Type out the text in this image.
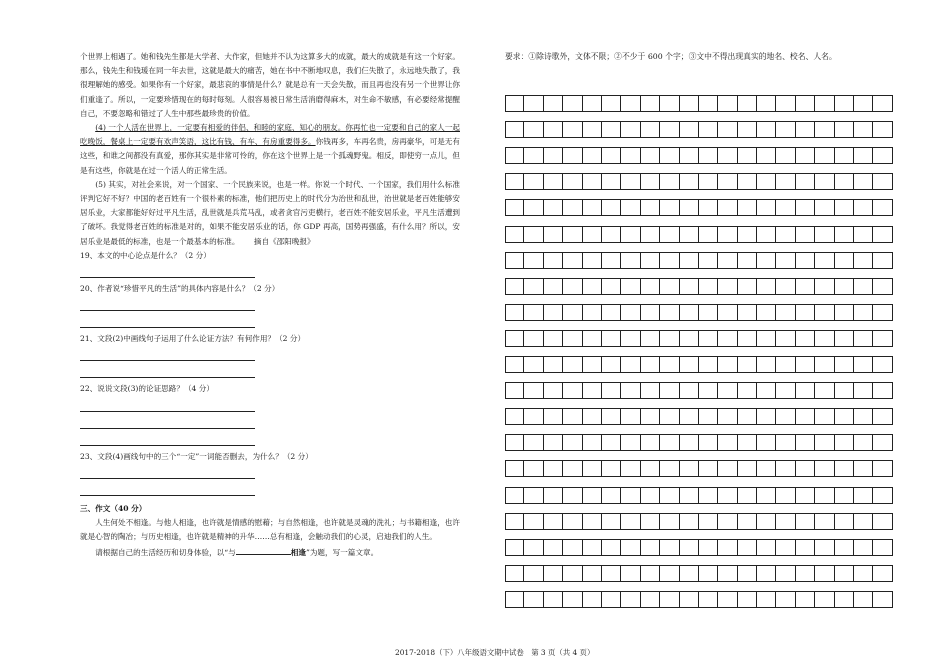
个世界上相遇了。她和钱先生都是大学者、大作家，但她并不认为这算多大的成就，最大的成就是有这一个好家。那么，钱先生和钱瑗在同一年去世，这就是最大的痛苦，她在书中不断地叹息，我们仨失散了，永远地失散了，我很理解她的感受。如果你有一个好家，最悲哀的事情是什么？就是总有一天会失散，而且再也没有另一个世界让你们重逢了。所以，一定要珍惜现在的每时每刻。人很容易被日常生活消磨得麻木，对生命不敏感，有必要经常提醒自己，不要忽略和错过了人生中那些最珍贵的价值。

(4) 一个人活在世界上，一定要有相爱的伴侣、和睦的家庭、知心的朋友。你再忙也一定要和自己的家人一起吃晚饭，餐桌上一定要有欢声笑语，这比有钱、有车、有房重要得多。你钱再多，车再名贵，房再豪华，可是无有这些，和谁之间都没有真爱，那你其实是非常可怜的，你在这个世界上是一个孤魂野鬼。相反，即使穷一点儿，但是有这些，你就是在过一个活人的正常生活。

(5) 其实，对社会来说，对一个国家、一个民族来说，也是一样。你说一个时代、一个国家，我们用什么标准评判它好不好？中国的老百姓有一个很朴素的标准，他们把历史上的时代分为治世和乱世，治世就是老百姓能够安居乐业，大家都能好好过平凡生活，乱世就是兵荒马乱，或者贪官污吏横行，老百姓不能安居乐业，平凡生活遭到了破坏。我觉得老百姓的标准是对的，如果不能安居乐业的话，你 GDP 再高，国势再强盛，有什么用？所以，安居乐业是最低的标准，也是一个最基本的标准。 摘自《邵阳晚报》

19、本文的中心论点是什么？（2 分）

20、作者说“珍惜平凡的生活”的具体内容是什么？（2 分）

21、文段(2)中画线句子运用了什么论证方法？有何作用？（2 分）

22、说说文段(3)的论证思路？（4 分）

23、文段(4)画线句中的三个“一定”一词能否删去，为什么？（2 分）

三、作文（40 分）

人生何处不相逢。与他人相逢，也许就是情感的慰藉；与自然相逢，也许就是灵魂的洗礼；与书籍相逢，也许就是心智的陶冶；与历史相逢，也许就是精神的升华……总有相逢，会触动我们的心灵，启迪我们的人生。

请根据自己的生活经历和切身体验，以“与	相逢”为题，写一篇文章。

要求：①除诗歌外，文体不限；②不少于 600 个字；③文中不得出现真实的地名、校名、人名。

2017-2018（下）八年级语文期中试卷　第 3 页（共 4 页）
